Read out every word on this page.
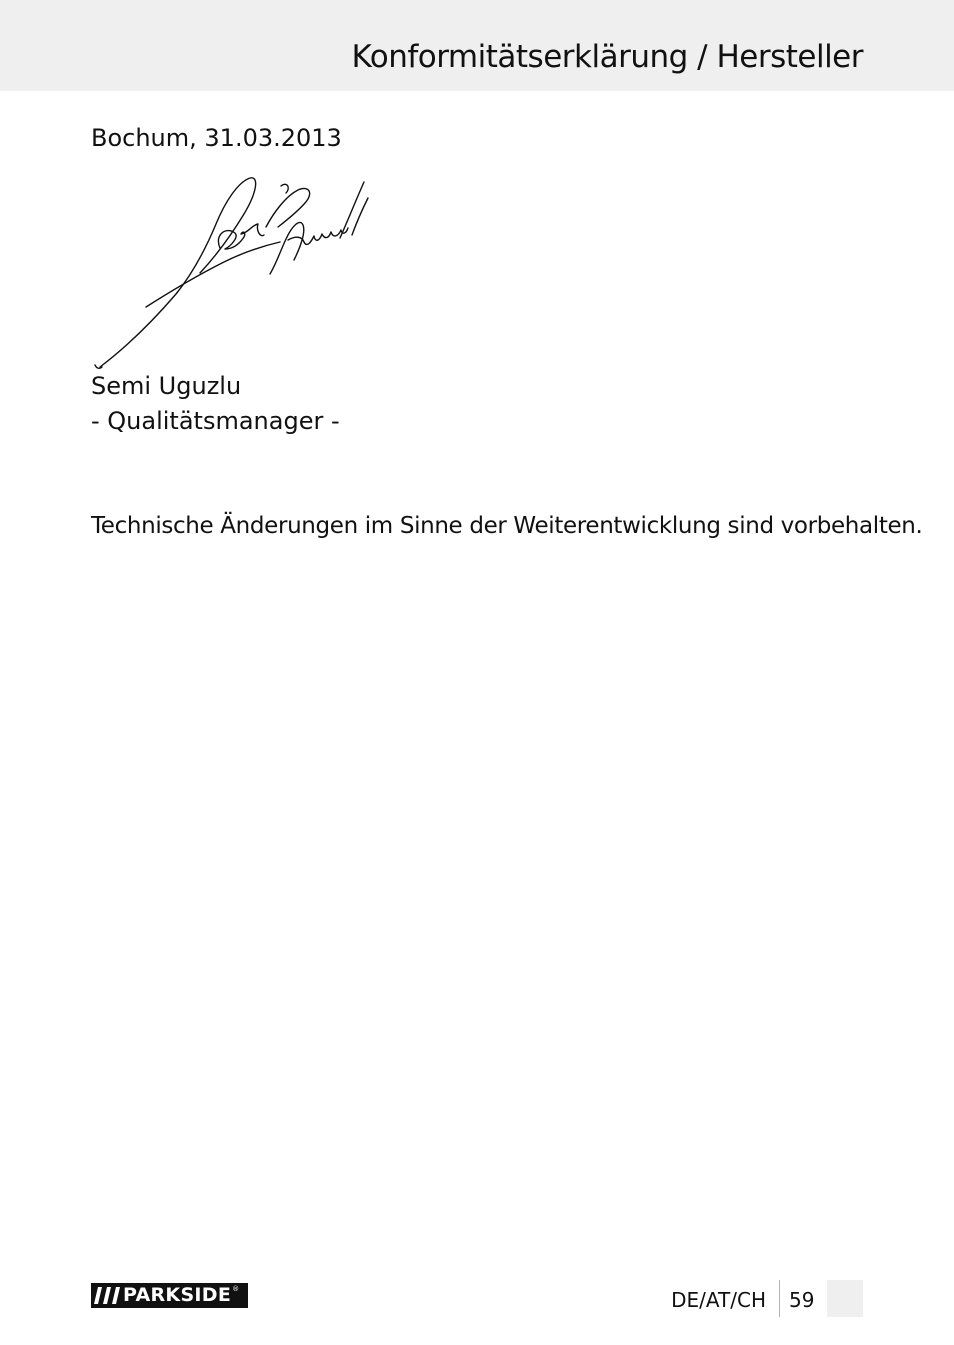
Konformitätserklärung / Hersteller
Bochum, 31.03.2013
Semi Uguzlu
- Qualitätsmanager -
Technische Änderungen im Sinne der Weiterentwicklung sind vorbehalten.
PARKSIDE ®	DE/AT/CH 59
